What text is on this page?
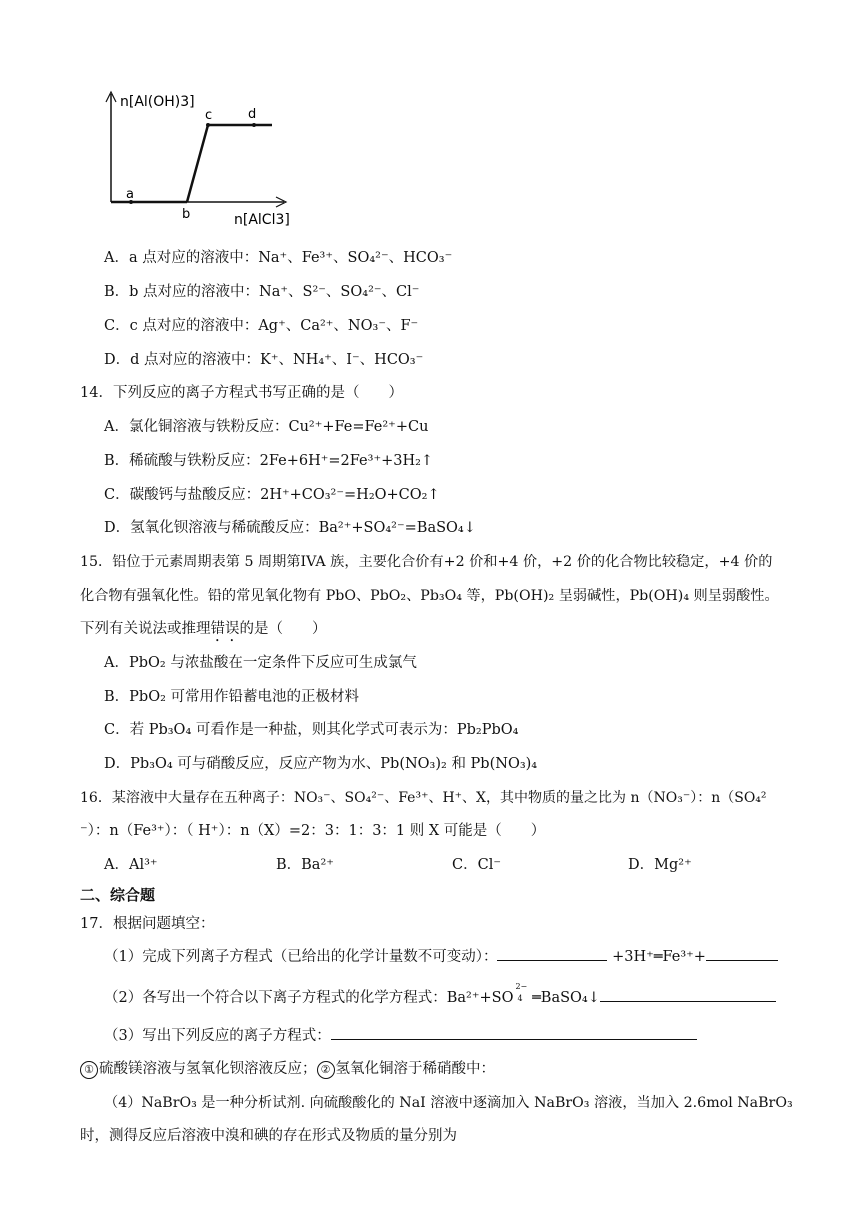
n[Al(OH)3]
n[AlCl3]
a
b
c	d
A．a 点对应的溶液中：Na⁺、Fe³⁺、SO₄²⁻、HCO₃⁻
B．b 点对应的溶液中：Na⁺、S²⁻、SO₄²⁻、Cl⁻
C．c 点对应的溶液中：Ag⁺、Ca²⁺、NO₃⁻、F⁻
D．d 点对应的溶液中：K⁺、NH₄⁺、I⁻、HCO₃⁻
14．下列反应的离子方程式书写正确的是（　　）
A．氯化铜溶液与铁粉反应：Cu²⁺+Fe=Fe²⁺+Cu
B．稀硫酸与铁粉反应：2Fe+6H⁺=2Fe³⁺+3H₂↑
C．碳酸钙与盐酸反应：2H⁺+CO₃²⁻=H₂O+CO₂↑
D．氢氧化钡溶液与稀硫酸反应：Ba²⁺+SO₄²⁻=BaSO₄↓
15．铅位于元素周期表第 5 周期第IVA 族，主要化合价有+2 价和+4 价，+2 价的化合物比较稳定，+4 价的
化合物有强氧化性。铅的常见氧化物有 PbO、PbO₂、Pb₃O₄ 等，Pb(OH)₂ 呈弱碱性，Pb(OH)₄ 则呈弱酸性。
下列有关说法或推理错误的是（　　）
A．PbO₂ 与浓盐酸在一定条件下反应可生成氯气
B．PbO₂ 可常用作铅蓄电池的正极材料
C．若 Pb₃O₄ 可看作是一种盐，则其化学式可表示为：Pb₂PbO₄
D．Pb₃O₄ 可与硝酸反应，反应产物为水、Pb(NO₃)₂ 和 Pb(NO₃)₄
16．某溶液中大量存在五种离子：NO₃⁻、SO₄²⁻、Fe³⁺、H⁺、X，其中物质的量之比为 n（NO₃⁻）：n（SO₄²
⁻）：n（Fe³⁺）：（ H⁺）：n（X）=2：3：1：3：1 则 X 可能是（　　）
A．Al³⁺	B．Ba²⁺	C．Cl⁻	D．Mg²⁺
二、综合题
17．根据问题填空：
（1）完成下列离子方程式（已给出的化学计量数不可变动）：	+3H⁺═Fe³⁺+
（2）各写出一个符合以下离子方程式的化学方程式：Ba²⁺+SO
2−
4 ═BaSO₄↓
（3）写出下列反应的离子方程式：
① 硫酸镁溶液与氢氧化钡溶液反应； ② 氢氧化铜溶于稀硝酸中：
（4）NaBrO₃ 是一种分析试剂. 向硫酸酸化的 NaI 溶液中逐滴加入 NaBrO₃ 溶液，当加入 2.6mol NaBrO₃
时，测得反应后溶液中溴和碘的存在形式及物质的量分别为
